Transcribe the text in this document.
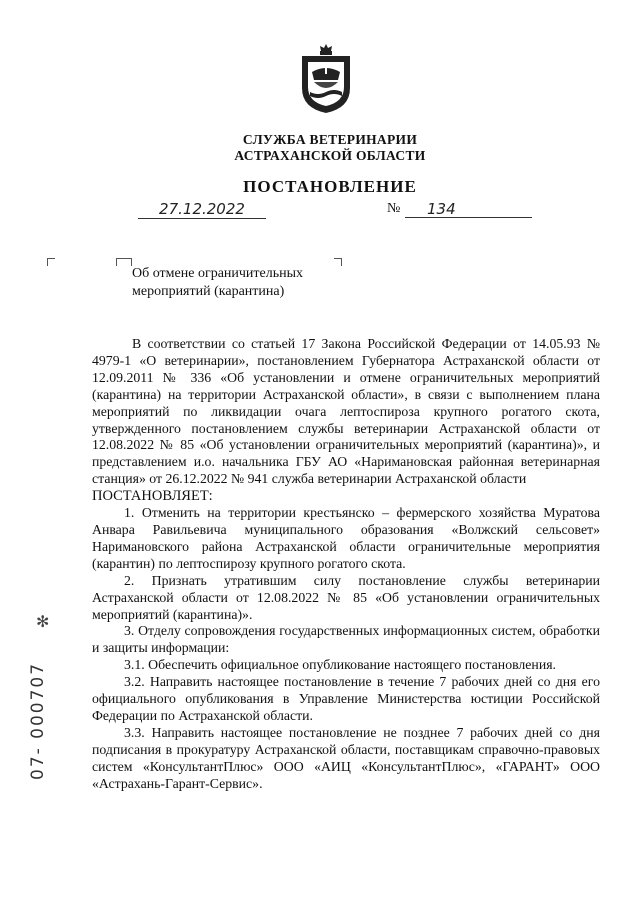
СЛУЖБА ВЕТЕРИНАРИИ
АСТРАХАНСКОЙ ОБЛАСТИ
ПОСТАНОВЛЕНИЕ
27.12.2022	№	134
Об отмене ограничительных
мероприятий (карантина)

В соответствии со статьей 17 Закона Российской Федерации от 14.05.93 № 4979-1 «О ветеринарии», постановлением Губернатора Астраханской области от 12.09.2011 № 336 «Об установлении и отмене ограничительных мероприятий (карантина) на территории Астраханской области», в связи с выполнением плана мероприятий по ликвидации очага лептоспироза крупного рогатого скота, утвержденного постановлением службы ветеринарии Астраханской области от 12.08.2022 № 85 «Об установлении ограничительных мероприятий (карантина)», и представлением и.о. начальника ГБУ АО «Наримановская районная ветеринарная станция» от 26.12.2022 № 941 служба ветеринарии Астраханской области

ПОСТАНОВЛЯЕТ:

1. Отменить на территории крестьянско – фермерского хозяйства Муратова Анвара Равильевича муниципального образования «Волжский сельсовет» Наримановского района Астраханской области ограничительные мероприятия (карантин) по лептоспирозу крупного рогатого скота.

2. Признать утратившим силу постановление службы ветеринарии Астраханской области от 12.08.2022 № 85 «Об установлении ограничительных мероприятий (карантина)».

3. Отделу сопровождения государственных информационных систем, обработки и защиты информации:

3.1. Обеспечить официальное опубликование настоящего постановления.

3.2. Направить настоящее постановление в течение 7 рабочих дней со дня его официального опубликования в Управление Министерства юстиции Российской Федерации по Астраханской области.

3.3. Направить настоящее постановление не позднее 7 рабочих дней со дня подписания в прокуратуру Астраханской области, поставщикам справочно-правовых систем «КонсультантПлюс» ООО «АИЦ «КонсультантПлюс», «ГАРАНТ» ООО «Астрахань-Гарант-Сервис».

✻
07- 000707
